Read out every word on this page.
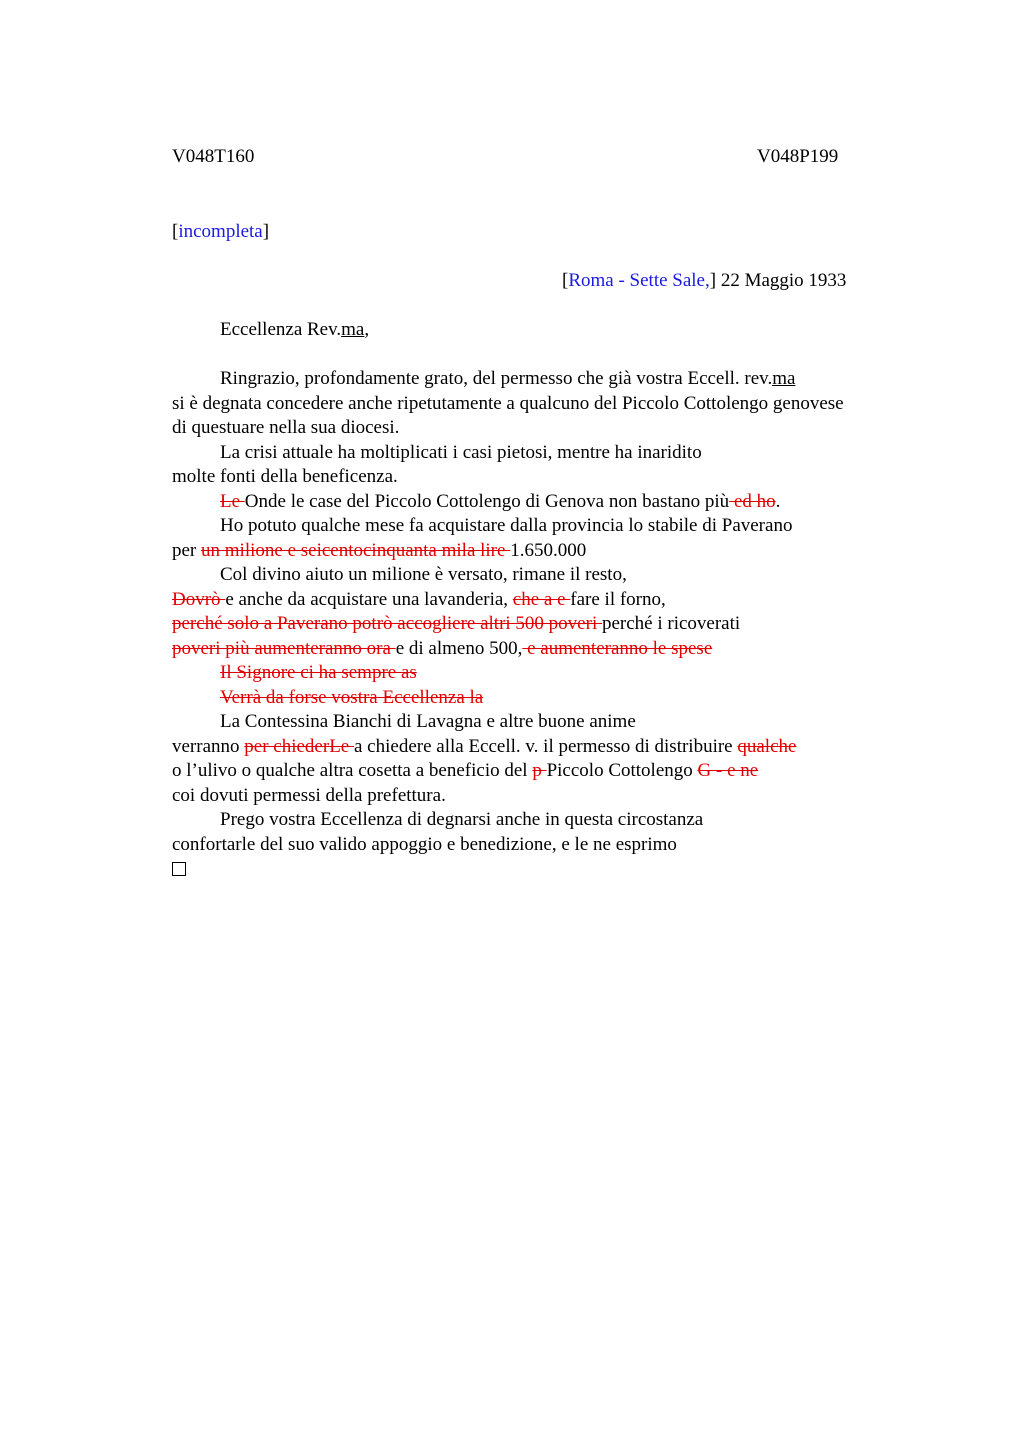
V048T160	V048P199
[incompleta]
[Roma - Sette Sale,] 22 Maggio 1933
Eccellenza Rev.ma,
Ringrazio, profondamente grato, del permesso che già vostra Eccell. rev.ma
si è degnata concedere anche ripetutamente a qualcuno del Piccolo Cottolengo genovese
di questuare nella sua diocesi.
La crisi attuale ha moltiplicati i casi pietosi, mentre ha inaridito
molte fonti della beneficenza.
Le Onde le case del Piccolo Cottolengo di Genova non bastano più ed ho.
Ho potuto qualche mese fa acquistare dalla provincia lo stabile di Paverano
per un milione e seicentocinquanta mila lire 1.650.000
Col divino aiuto un milione è versato, rimane il resto,
Dovrò e anche da acquistare una lavanderia, che a e fare il forno,
perché solo a Paverano potrò accogliere altri 500 poveri perché i ricoverati
poveri più aumenteranno ora e di almeno 500, e aumenteranno le spese
Il Signore ci ha sempre as
Verrà da forse vostra Eccellenza la
La Contessina Bianchi di Lavagna e altre buone anime
verranno per chiederLe a chiedere alla Eccell. v. il permesso di distribuire qualche
o l’ulivo o qualche altra cosetta a beneficio del p Piccolo Cottolengo G - e ne
coi dovuti permessi della prefettura.
Prego vostra Eccellenza di degnarsi anche in questa circostanza
confortarle del suo valido appoggio e benedizione, e le ne esprimo
